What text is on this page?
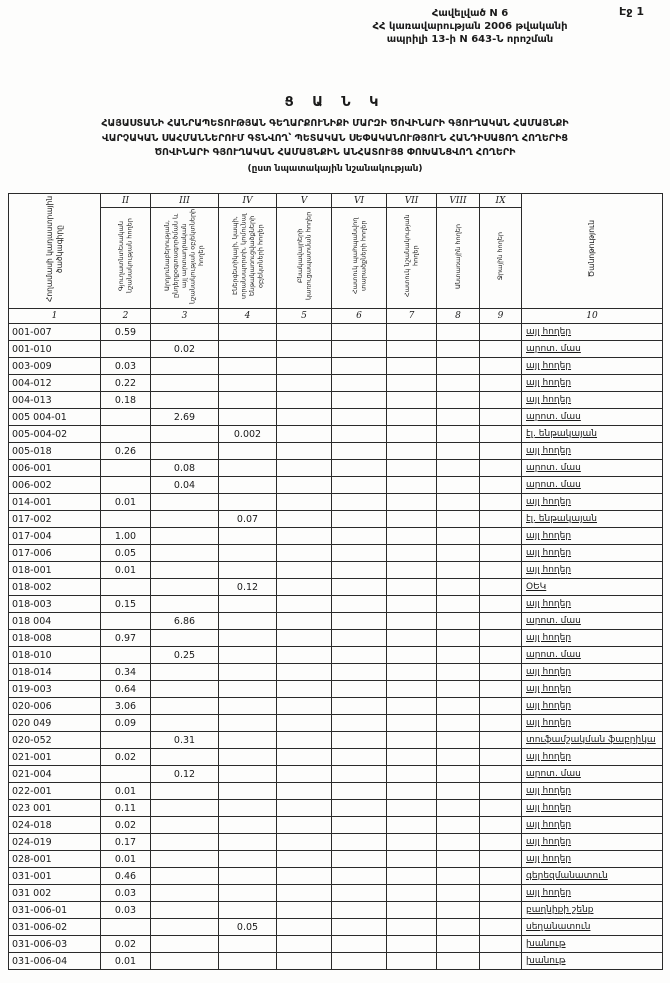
Էջ 1
Հավելված N 6
ՀՀ կառավարության 2006 թվականի
ապրիլի 13-ի N 643-Ն որոշման
Ց Ա Ն Կ
ՀԱՅԱՍՏԱՆԻ ՀԱՆՐԱՊԵՏՈՒԹՅԱՆ ԳԵՂԱՐՔՈՒՆԻՔԻ ՄԱՐԶԻ ԾՈՎԻՆԱՐԻ ԳՅՈՒՂԱԿԱՆ ՀԱՄԱՅՆՔԻ
ՎԱՐՉԱԿԱՆ ՍԱՀՄԱՆՆԵՐՈՒՄ ԳՏՆՎՈՂ՝ ՊԵՏԱԿԱՆ ՍԵՓԱԿԱՆՈՒԹՅՈՒՆ ՀԱՆԴԻՍԱՑՈՂ ՀՈՂԵՐԻՑ
ԾՈՎԻՆԱՐԻ ԳՅՈՒՂԱԿԱՆ ՀԱՄԱՅՆՔԻՆ ԱՆՀԱՏՈՒՅՑ ՓՈԽԱՆՑՎՈՂ ՀՈՂԵՐԻ
(ըստ նպատակային նշանակության)
Հողամասի կադաստրային ծածկագիրը	II	III	IV	V	VI	VII	VIII	IX	Ծանոթություն
	Գյուղատնտեսական նշանակության հողեր	Արդյունաբերության, ընդերքօգտագործման և այլ արտադրական նշանակության օբյեկտների հողեր	Էներգետիկայի, կապի, տրանսպորտի, կոմունալ ենթակառուցվածքների օբյեկտների հողեր	Բնակավայրերի կառուցապատման հողեր	Հատուկ պահպանվող տարածքների հողեր	Հատուկ նշանակության հողեր	Անտառային հողեր	Ջրային հողեր	
1	2	3	4	5	6	7	8	9	10
001-007	0.59								այլ հողեր
001-010		0.02							արոտ. մաս
003-009	0.03								այլ հողեր
004-012	0.22								այլ հողեր
004-013	0.18								այլ հողեր
005 004-01		2.69							արոտ. մաս
005-004-02			0.002						էլ. ենթակայան
005-018	0.26								այլ հողեր
006-001		0.08							արոտ. մաս
006-002		0.04							արոտ. մաս
014-001	0.01								այլ հողեր
017-002			0.07						էլ. ենթակայան
017-004	1.00								այլ հողեր
017-006	0.05								այլ հողեր
018-001	0.01								այլ հողեր
018-002			0.12						ՕԵԿ
018-003	0.15								այլ հողեր
018 004		6.86							արոտ. մաս
018-008	0.97								այլ հողեր
018-010		0.25							արոտ. մաս
018-014	0.34								այլ հողեր
019-003	0.64								այլ հողեր
020-006	3.06								այլ հողեր
020 049	0.09								այլ հողեր
020-052		0.31							տուֆամշակման ֆաբրիկա
021-001	0.02								այլ հողեր
021-004		0.12							արոտ. մաս
022-001	0.01								այլ հողեր
023 001	0.11								այլ հողեր
024-018	0.02								այլ հողեր
024-019	0.17								այլ հողեր
028-001	0.01								այլ հողեր
031-001	0.46								գերեզմանատուն
031 002	0.03								այլ հողեր
031-006-01	0.03								բաղնիքի շենք
031-006-02			0.05						սեղանատուն
031-006-03	0.02								խանութ
031-006-04	0.01								խանութ
